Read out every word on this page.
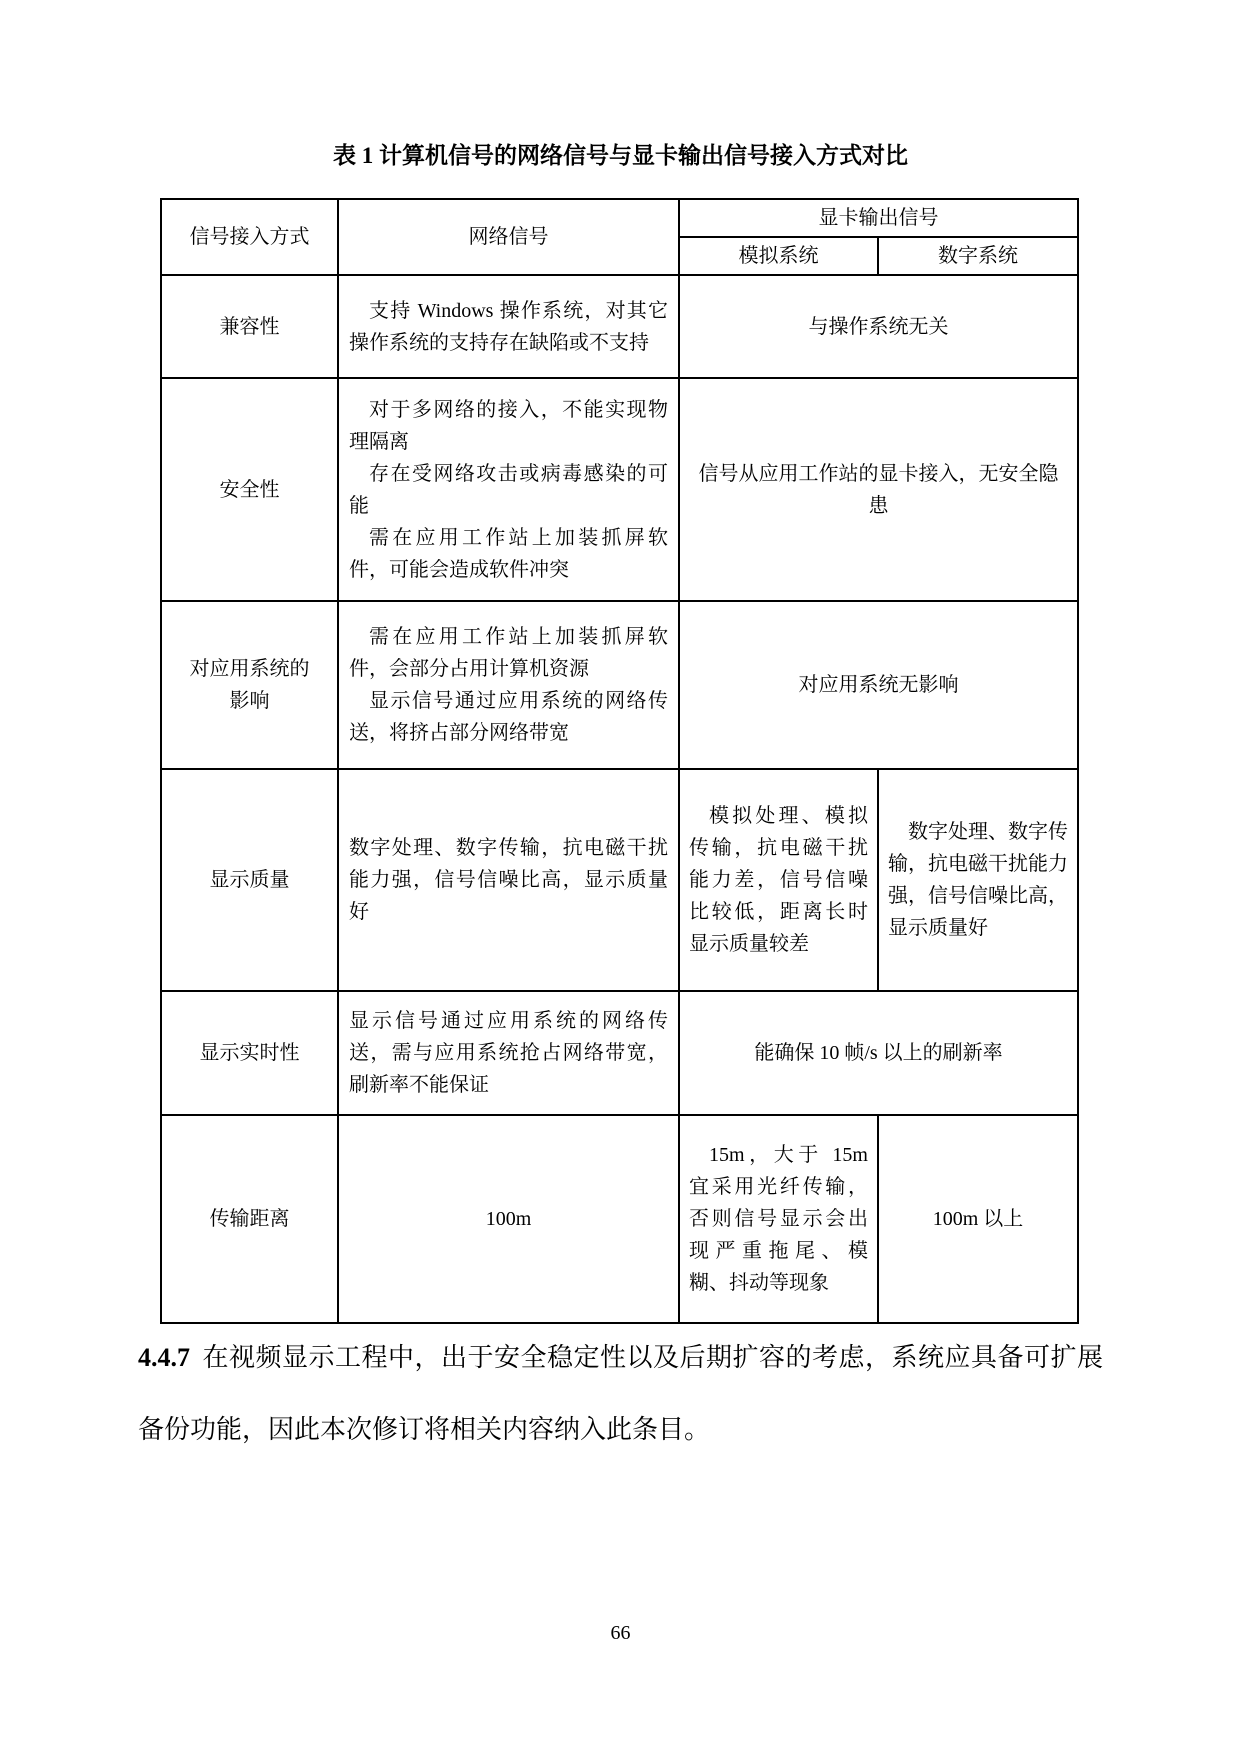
表 1 计算机信号的网络信号与显卡输出信号接入方式对比
信号接入方式	网络信号	显卡输出信号	
		模拟系统	数字系统
兼容性	支持 Windows 操作系统，对其它操作系统的支持存在缺陷或不支持	与操作系统无关	
安全性	对于多网络的接入，不能实现物理隔离

存在受网络攻击或病毒感染的可能

需在应用工作站上加装抓屏软件，可能会造成软件冲突	信号从应用工作站的显卡接入，无安全隐患	
对应用系统的影响	需在应用工作站上加装抓屏软件，会部分占用计算机资源

显示信号通过应用系统的网络传送，将挤占部分网络带宽	对应用系统无影响	
显示质量	数字处理、数字传输，抗电磁干扰能力强，信号信噪比高，显示质量好	模拟处理、模拟传输，抗电磁干扰能力差，信号信噪比较低，距离长时显示质量较差	数字处理、数字传输，抗电磁干扰能力强，信号信噪比高，显示质量好

显示实时性	显示信号通过应用系统的网络传送，需与应用系统抢占网络带宽，刷新率不能保证	能确保 10 帧/s 以上的刷新率	
传输距离	100m	15m，大于 15m 宜采用光纤传输，否则信号显示会出现严重拖尾、模糊、抖动等现象	100m 以上

4.4.7 在视频显示工程中，出于安全稳定性以及后期扩容的考虑，系统应具备可扩展备份功能，因此本次修订将相关内容纳入此条目。

66
